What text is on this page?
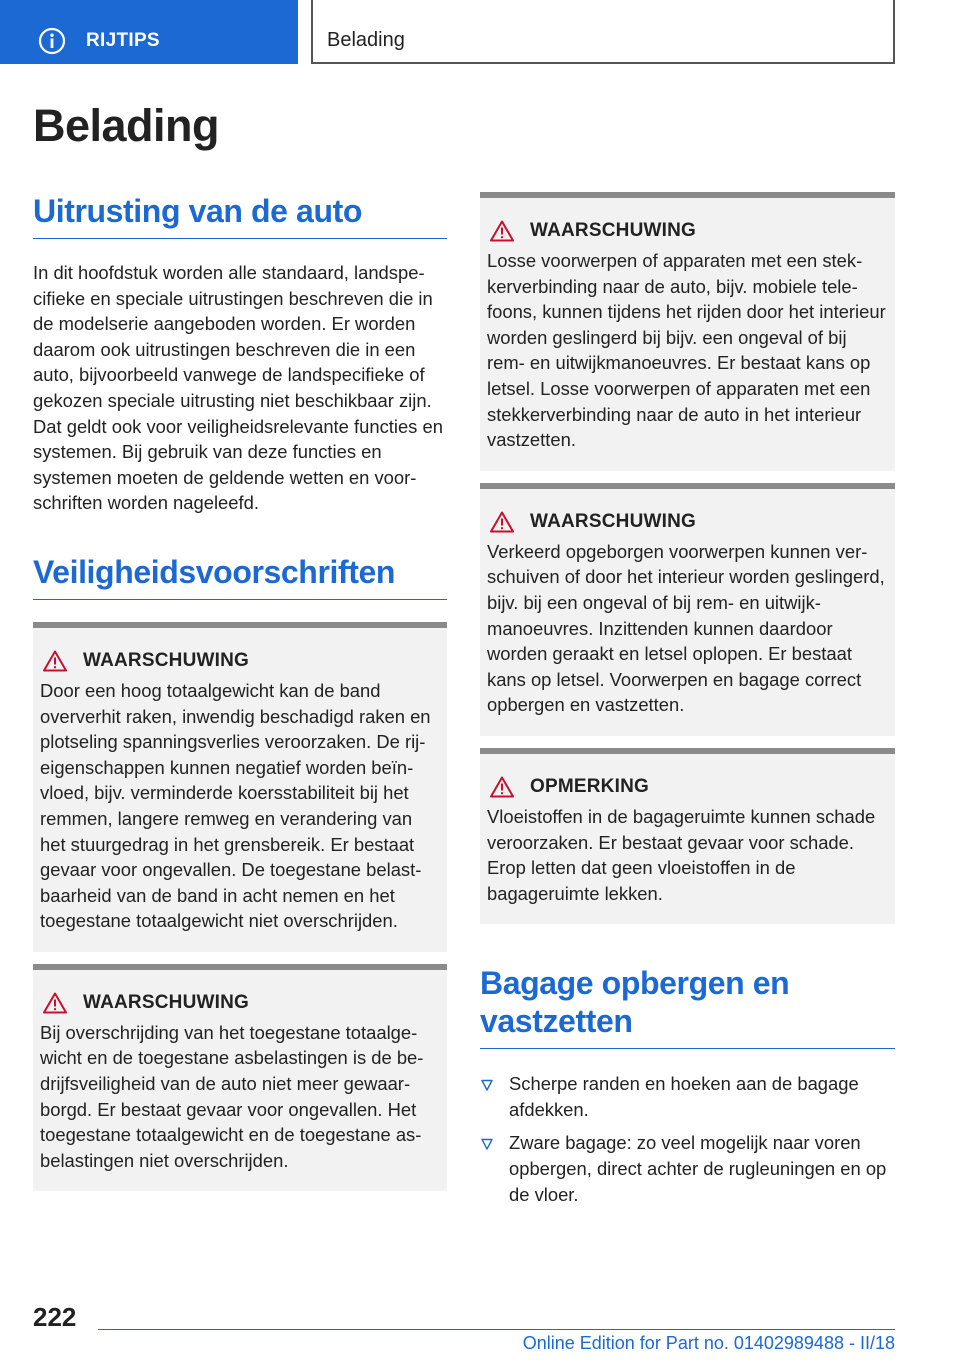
RIJTIPS	Belading
Belading
Uitrusting van de auto

In dit hoofdstuk worden alle standaard, landspecifieke en speciale uitrustingen beschreven die in de modelserie aangeboden worden. Er worden daarom ook uitrustingen beschreven die in een auto, bijvoorbeeld vanwege de landspecifieke of gekozen speciale uitrusting niet beschikbaar zijn. Dat geldt ook voor veiligheidsrelevante functies en systemen. Bij gebruik van deze functies en systemen moeten de geldende wetten en voorschriften worden nageleefd.

Veiligheidsvoorschriften
WAARSCHUWING

Door een hoog totaalgewicht kan de band oververhit raken, inwendig beschadigd raken en plotseling spanningsverlies veroorzaken. De rijeigenschappen kunnen negatief worden beïnvloed, bijv. verminderde koersstabiliteit bij het remmen, langere remweg en verandering van het stuurgedrag in het grensbereik. Er bestaat gevaar voor ongevallen. De toegestane belastbaarheid van de band in acht nemen en het toegestane totaalgewicht niet overschrijden.

WAARSCHUWING

Bij overschrijding van het toegestane totaalgewicht en de toegestane asbelastingen is de bedrijfsveiligheid van de auto niet meer gewaarborgd. Er bestaat gevaar voor ongevallen. Het toegestane totaalgewicht en de toegestane asbelastingen niet overschrijden.

WAARSCHUWING

Losse voorwerpen of apparaten met een stekkerverbinding naar de auto, bijv. mobiele telefoons, kunnen tijdens het rijden door het interieur worden geslingerd bij bijv. een ongeval of bij rem- en uitwijkmanoeuvres. Er bestaat kans op letsel. Losse voorwerpen of apparaten met een stekkerverbinding naar de auto in het interieur vastzetten.

WAARSCHUWING

Verkeerd opgeborgen voorwerpen kunnen verschuiven of door het interieur worden geslingerd, bijv. bij een ongeval of bij rem- en uitwijkmanoeuvres. Inzittenden kunnen daardoor worden geraakt en letsel oplopen. Er bestaat kans op letsel. Voorwerpen en bagage correct opbergen en vastzetten.

OPMERKING

Vloeistoffen in de bagageruimte kunnen schade veroorzaken. Er bestaat gevaar voor schade. Erop letten dat geen vloeistoffen in de bagageruimte lekken.

Bagage opbergen en vastzetten
Scherpe randen en hoeken aan de bagage afdekken.
Zware bagage: zo veel mogelijk naar voren opbergen, direct achter de rugleuningen en op de vloer.
222
Online Edition for Part no. 01402989488 - II/18
